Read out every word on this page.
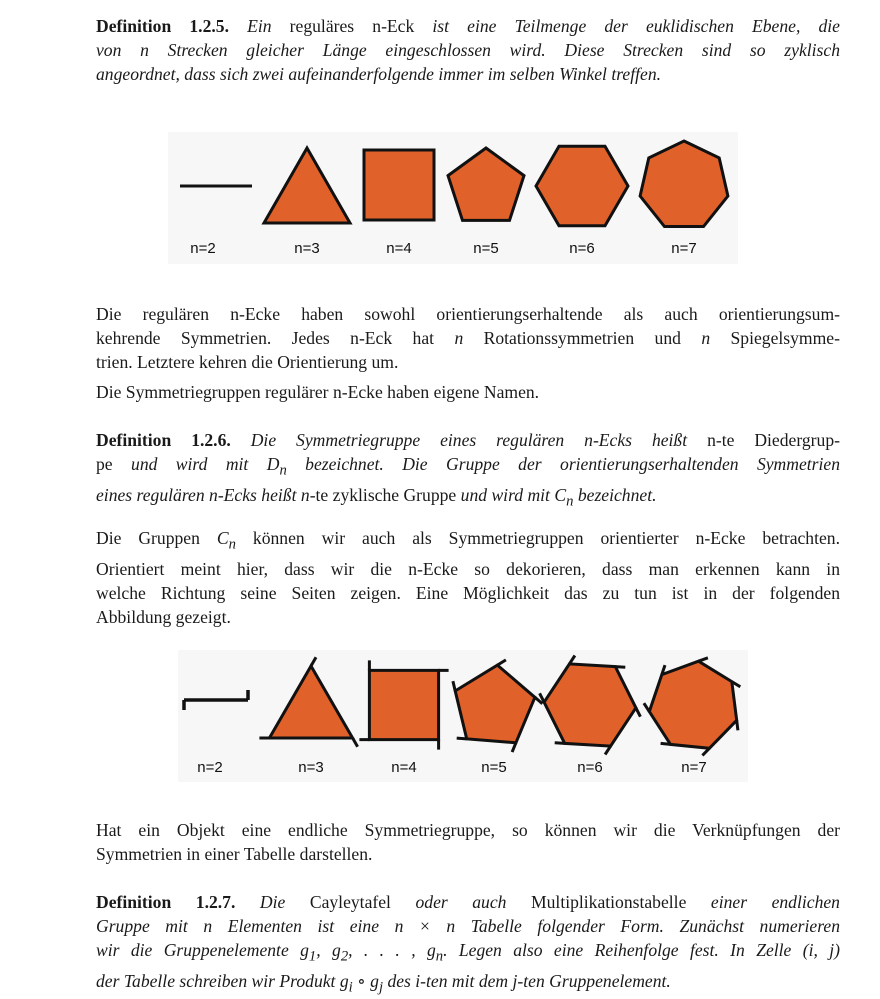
Definition 1.2.5. Ein reguläres n-Eck ist eine Teilmenge der euklidischen Ebene, die
von n Strecken gleicher Länge eingeschlossen wird. Diese Strecken sind so zyklisch
angeordnet, dass sich zwei aufeinanderfolgende immer im selben Winkel treffen.
n=2	n=3	n=4	n=5	n=6	n=7
Die regulären n-Ecke haben sowohl orientierungserhaltende als auch orientierungsum-
kehrende Symmetrien. Jedes n-Eck hat n Rotationssymmetrien und n Spiegelsymme-
trien. Letztere kehren die Orientierung um.
Die Symmetriegruppen regulärer n-Ecke haben eigene Namen.
Definition 1.2.6. Die Symmetriegruppe eines regulären n-Ecks heißt n-te Diedergrup-
pe und wird mit $D_n$ bezeichnet. Die Gruppe der orientierungserhaltenden Symmetrien
eines regulären n-Ecks heißt n-te zyklische Gruppe und wird mit $C_n$ bezeichnet.
Die Gruppen $C_n$ können wir auch als Symmetriegruppen orientierter n-Ecke betrachten.
Orientiert meint hier, dass wir die n-Ecke so dekorieren, dass man erkennen kann in
welche Richtung seine Seiten zeigen. Eine Möglichkeit das zu tun ist in der folgenden
Abbildung gezeigt.
n=2	n=3	n=4	n=5	n=6	n=7
Hat ein Objekt eine endliche Symmetriegruppe, so können wir die Verknüpfungen der
Symmetrien in einer Tabelle darstellen.
Definition 1.2.7. Die Cayleytafel oder auch Multiplikationstabelle einer endlichen
Gruppe mit n Elementen ist eine n × n Tabelle folgender Form. Zunächst numerieren
wir die Gruppenelemente $g_1$, $g_2$, . . . , $g_n$. Legen also eine Reihenfolge fest. In Zelle (i, j)
der Tabelle schreiben wir Produkt $g_i$ ∘ $g_j$ des i-ten mit dem j-ten Gruppenelement.
